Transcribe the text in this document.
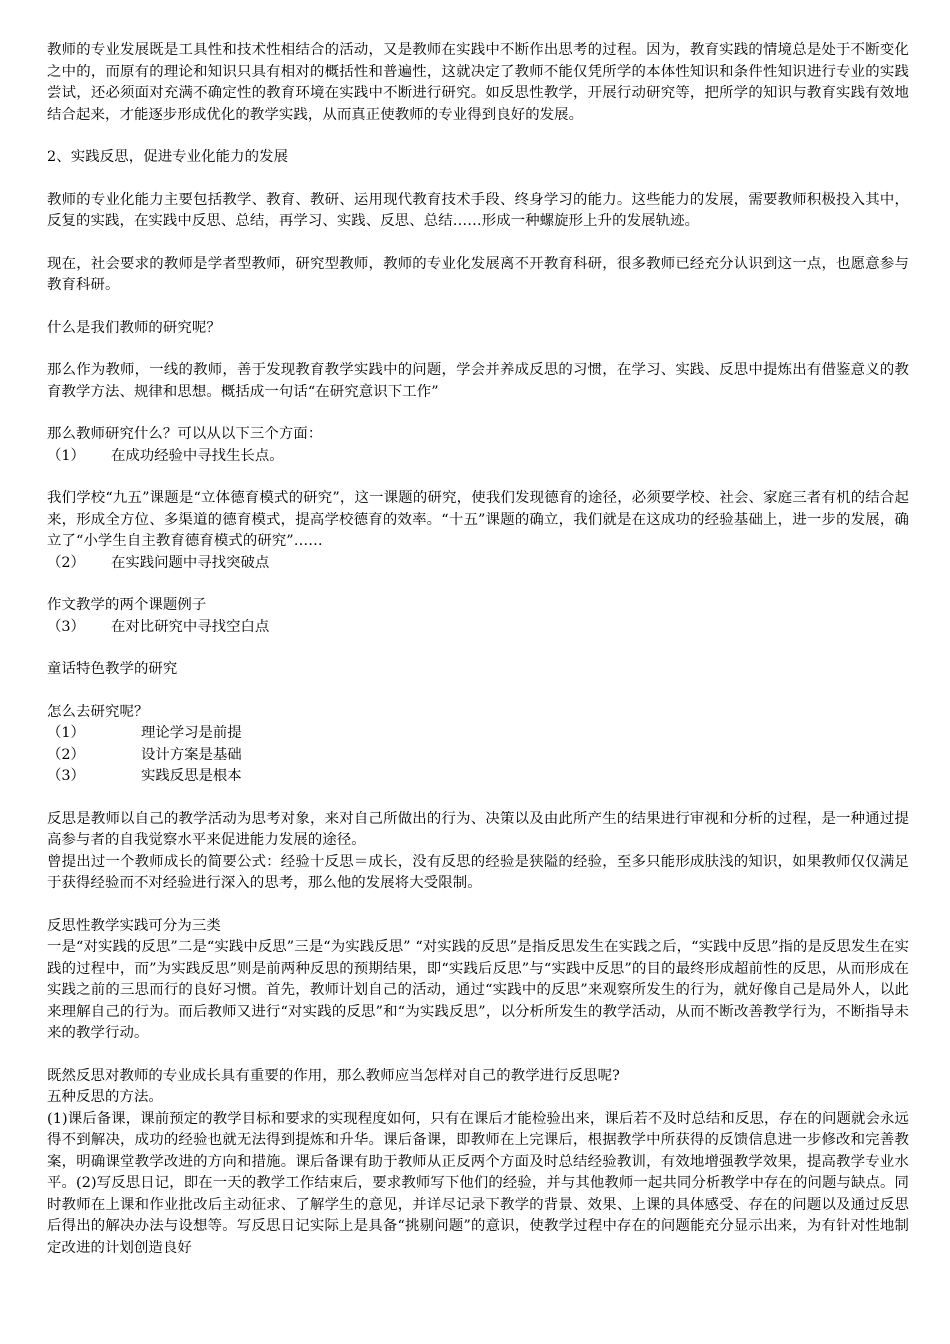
教师的专业发展既是工具性和技术性相结合的活动，又是教师在实践中不断作出思考的过程。因为，教育实践的情境总是处于不断变化之中的，而原有的理论和知识只具有相对的概括性和普遍性，这就决定了教师不能仅凭所学的本体性知识和条件性知识进行专业的实践尝试，还必须面对充满不确定性的教育环境在实践中不断进行研究。如反思性教学，开展行动研究等，把所学的知识与教育实践有效地结合起来，才能逐步形成优化的教学实践，从而真正使教师的专业得到良好的发展。

2、实践反思，促进专业化能力的发展

教师的专业化能力主要包括教学、教育、教研、运用现代教育技术手段、终身学习的能力。这些能力的发展，需要教师积极投入其中，反复的实践，在实践中反思、总结，再学习、实践、反思、总结……形成一种螺旋形上升的发展轨迹。

现在，社会要求的教师是学者型教师，研究型教师，教师的专业化发展离不开教育科研，很多教师已经充分认识到这一点，也愿意参与教育科研。

什么是我们教师的研究呢？

那么作为教师，一线的教师，善于发现教育教学实践中的问题，学会并养成反思的习惯，在学习、实践、反思中提炼出有借鉴意义的教育教学方法、规律和思想。概括成一句话“在研究意识下工作”

那么教师研究什么？可以从以下三个方面：

（1） 在成功经验中寻找生长点。

我们学校“九五”课题是“立体德育模式的研究”，这一课题的研究，使我们发现德育的途径，必须要学校、社会、家庭三者有机的结合起来，形成全方位、多渠道的德育模式，提高学校德育的效率。“十五”课题的确立，我们就是在这成功的经验基础上，进一步的发展，确立了“小学生自主教育德育模式的研究”……

（2） 在实践问题中寻找突破点

作文教学的两个课题例子

（3） 在对比研究中寻找空白点

童话特色教学的研究

怎么去研究呢？

（1）	理论学习是前提

（2）	设计方案是基础

（3）	实践反思是根本

反思是教师以自己的教学活动为思考对象，来对自己所做出的行为、决策以及由此所产生的结果进行审视和分析的过程，是一种通过提高参与者的自我觉察水平来促进能力发展的途径。

曾提出过一个教师成长的简要公式：经验十反思＝成长，没有反思的经验是狭隘的经验，至多只能形成肤浅的知识，如果教师仅仅满足于获得经验而不对经验进行深入的思考，那么他的发展将大受限制。

反思性教学实践可分为三类

一是“对实践的反思”二是“实践中反思”三是“为实践反思” “对实践的反思”是指反思发生在实践之后，“实践中反思”指的是反思发生在实践的过程中，而”为实践反思”则是前两种反思的预期结果，即“实践后反思”与“实践中反思”的目的最终形成超前性的反思，从而形成在实践之前的三思而行的良好习惯。首先，教师计划自己的活动，通过“实践中的反思”来观察所发生的行为，就好像自己是局外人，以此来理解自己的行为。而后教师又进行“对实践的反思”和“为实践反思”，以分析所发生的教学活动，从而不断改善教学行为，不断指导未来的教学行动。

既然反思对教师的专业成长具有重要的作用，那么教师应当怎样对自己的教学进行反思呢?

五种反思的方法。

(1)课后备课，课前预定的教学目标和要求的实现程度如何，只有在课后才能检验出来，课后若不及时总结和反思，存在的问题就会永远得不到解决，成功的经验也就无法得到提炼和升华。课后备课，即教师在上完课后，根据教学中所获得的反馈信息进一步修改和完善教案，明确课堂教学改进的方向和措施。课后备课有助于教师从正反两个方面及时总结经验教训，有效地增强教学效果，提高教学专业水平。(2)写反思日记，即在一天的教学工作结束后，要求教师写下他们的经验，并与其他教师一起共同分析教学中存在的问题与缺点。同时教师在上课和作业批改后主动征求、了解学生的意见，并详尽记录下教学的背景、效果、上课的具体感受、存在的问题以及通过反思后得出的解决办法与设想等。写反思日记实际上是具备“挑剔问题”的意识，使教学过程中存在的问题能充分显示出来，为有针对性地制定改进的计划创造良好
